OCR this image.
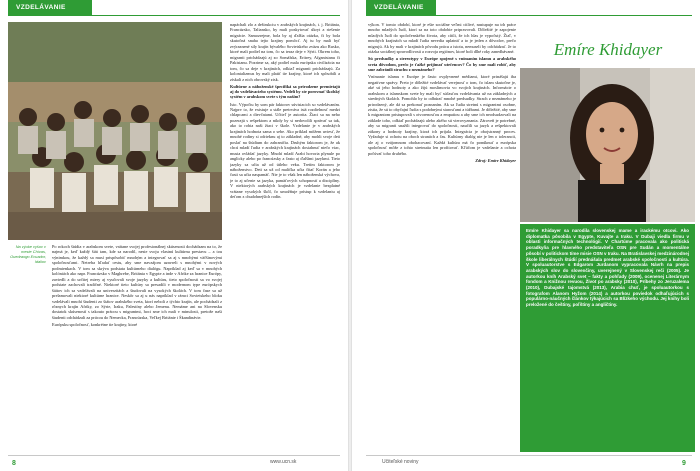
VZDELÁVANIE
Na výuke vyšov v meste Chívas, Ouedraogo Ecuador, Idaliov

Po rokoch štúdia v arabskom svete, vrátane svojej profesionálnej skúsenosti dochádzam na to, že najmä je, keď každý štát tam, kde sa narodil, nesie svoju vlastnú kultúrnu prestavu – a tou výnimkou, že každý sa musí prispôsobiť mnohým a integrovať sa aj s mnohými väčšinovými spoločnosťami. Netreba hľadať cestu, aby sme navzájom uzavreli s mnohými v nových podmienkach. V tom sa skrýva podstata kultúrneho dialógu. Napríklad aj keď sa v mnohých kolóniách ako napr. Francúzsko v Maghrebe, Británia v Egypte a inde v Afrike za hranice Európy, zaviedli a do určitej miery aj vyučovali svoje jazyky a kultúru, tieto spoločnosti sa vo svojej podstate zachovali tradičné. Niektoré tieto kultúry sa presadili v modernom type európskych štátov ich sa vzdelávali na univerzitách a študovali na vysokých školách. V tom čase sa už prelamovali niektoré kultúrne hranice. Neskôr sa aj u nás napríklad v rámci Sovietskeho bloku vzdelávali mnohí študenti zo štátov arabského sveta, ktorí neboli z týchto krajín, ale pochádzali z rôznych krajín Afriky, zo Sýrie, Iraku, Palestíny alebo Jemenu. Nemáme ani na Slovensku dostatok skúseností s takouto prácou s migrantmi, hoci sme ich mali v minulosti, pretože naši študenti odchádzali za prácou do Nemecka, Francúzska, Veľkej Británie i Škandinávie.

Európsku spoločnosť, konkrétne tie krajiny, ktoré

napáchali zlo a deštrukciu v arabských krajinách, t. j. Británia, Francúzsko, Taliansko, by mali poskytovať úkryt a riešenie migrácie. Samozrejme, bola by aj ďalšia otázka, či by bola skutočná snaha tejto krajiny pomôcť. Aj tu by mali byť zvýraznené sily krajín bývalého Sovietskeho zväzu ako Rusko, ktoré mali podiel na tom, čo sa teraz deje v Sýrii. Okrem toho, migranti prichádzajú aj zo Somálska, Eritrey, Afganistanu či Pakistanu. Pozrime sa, aký podiel mala európska civilizácia na tom, čo sa deje v krajinách, odkiaľ migranti prichádzajú. Za kolonializmus by mali platiť tie krajiny, ktoré ich spôsobili a získali z nich obrovský zisk.

Kultúrne a náboženské špecifiká sa prirodzene premietajú aj do vzdelávacieho systému. Vedeli by ste porovnať školský systém v arabskom svete s tým naším?

Isto. Výpočtu by som pár faktorov súvisiacich so vzdelávaním. Najprv to, že existuje a stále pretrváva istá rozdielnosť medzi chlapcami a dievčatami. Učiteľ je autorita. Žiaci sa na neho pozerajú s rešpektom a nikdy by si nedovolili správať sa tak, ako to robia naši žiaci v škole. Vzdelanie je v arabských krajinách hodnota sama o sebe. Ako príklad môžem uviesť, že mnohé rodiny si odrieknu aj to základné, aby mohli svoje deti poslať na štúdium do zahraničia. Druhým faktorom je, že ak chcú mladí ľudia v arabských krajinách dosiahnuť niečo viac, musia ovládať jazyky. Mnohí mladí Arabi hovoria plynule po anglicky alebo po francúzsky a často aj ďalšími jazykmi. Tieto jazyky sa učia už od útleho veku. Tretím faktorom je náboženstvo. Deti sa už od malička učia čítať Korán a jeho časti sa učia naspamäť. Nie je to však len náboženská výchova, je to aj učenie sa jazyka, pamäťových schopností a disciplíny. V niektorých arabských krajinách je vzdelanie bezplatné vrátane vysokých škôl, čo umožňuje prístup k vzdelaniu aj deťom z chudobnejších rodín.

8	www.ucn.sk
VZDELÁVANIE

výkon. V tomto období, ktoré je ešte sociálne veľmi citlivé, nastupuje na trh práce mnoho mladých ľudí, ktorí sa na toto obdobie pripravovali. Dôležité je zapojenie mladých ľudí do spoločenského života, aby cítili, že ich hlas je vypočutý. Žiaľ, v mnohých krajinách sa mladí ľudia nevedia uplatniť a to je jeden z dôvodov, prečo migrujú. Ak by mali v krajinách pôvodu prácu a istotu, nemuseli by odchádzať. Je to otázka sociálnej spravodlivosti a rozvoja regiónov, ktoré boli dlhé roky zanedbávané.

Sú predsudky a stereotypy v Európe spojené s vnímaním islamu a arabského sveta dôvodom, prečo je ťažké prijímať utečencov? Čo by sme mali robiť, aby sme zabránili strachu z neznámeho?

Vnímanie islamu v Európe je často ovplyvnené médiami, ktoré prinášajú iba negatívne správy. Preto je dôležité vzdelávať verejnosť o tom, čo islam skutočne je, aké sú jeho hodnoty a ako žijú moslimovia vo svojich krajinách. Informácie o arabskom a islamskom svete by mali byť súčasťou vzdelávania už na základných a stredných školách. Pomohlo by to odbúrať mnohé predsudky. Strach z neznámeho je prirodzený, ale dá sa prekonať poznaním. Ak sa ľudia stretnú s migrantmi osobne, zistia, že sú to obyčajní ľudia s podobnými starosťami a túžbami. Je dôležité, aby sme k migrantom pristupovali s otvorenosťou a empatiou a aby sme ich neodsudzovali na základe toho, odkiaľ pochádzajú alebo akého sú vierovyznania. Zároveň je potrebné, aby sa migranti snažili integrovať do spoločnosti, naučili sa jazyk a rešpektovali zákony a hodnoty krajiny, ktorá ich prijala. Integrácia je obojstranný proces. Vyžaduje si ochotu na oboch stranách a čas. Kultúrny dialóg nie je len o tolerancii, ale aj o vzájomnom obohacovaní. Každá kultúra má čo ponúknuť a európska spoločnosť môže z tohto stretnutia len profitovať. Kľúčom je vzdelanie a ochota počúvať toho druhého.

Zdroj: Emíre Khidayer

Učiteľské noviny	9
Emíre Khidayer
Emíre Khidayer sa narodila slovenskej mame a irackému otcovi. Ako diplomatka pôsobila v Egypte, Kuvajte a Iraku. V Dubaji viedla firmu v oblasti informačných technológií. V Chartúme pracovala ako politická poradkyňa pre hlavného predstaviteľa OSN pre Sudán a momentálne pôsobí v politickom tíme misie OSN v Iraku. Na Bratislavskej medzinárodnej škole liberálnych štúdií prednášala predmet arabské spoločnosti a kultúra. V spoluautorstve s Edgarom Jurdanom vypracovala Návrh na prepis arabských slov do slovenčiny, uverejnený v Slovenskej reči (2005). Je autorkou kníh Arabský svet – fakty a pohľady (2009), ocenenej Literárnym fondom a Knižnou revuou, Život po arabsky (2010), Príbehy zo Jeruzalema (2010), Dubajské tajomstvá (2013), Arabia chuť, je spoluautorkou s fotografom Alanom Hyžom (2014) a autorkou poviedok odhaľujúcich s populárno-náučných článkov týkajúcich sa Blízkeho východu. Jej knihy boli preložené do češtiny, poľštiny a angličtiny.
